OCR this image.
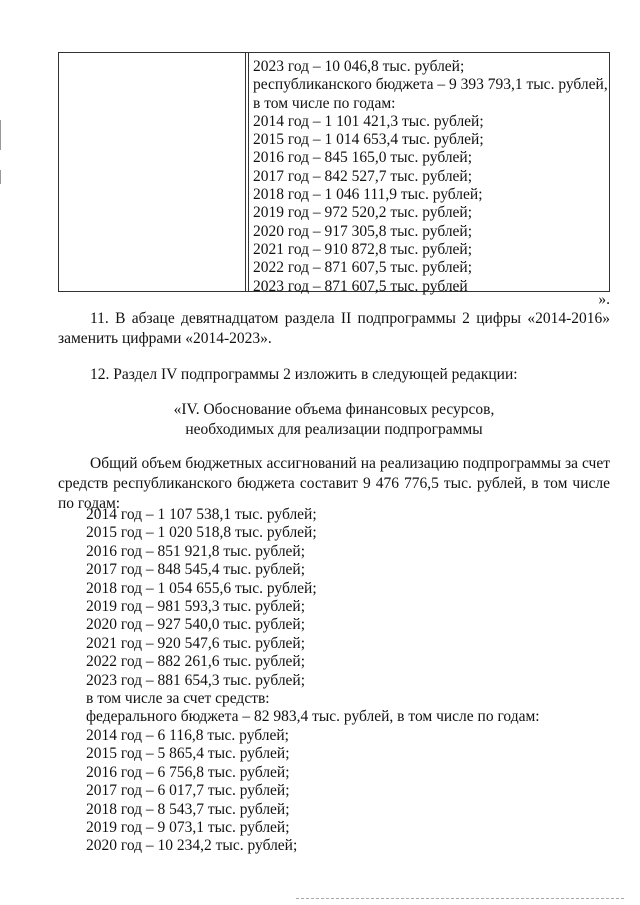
2023 год – 10 046,8 тыс. рублей;
республиканского бюджета – 9 393 793,1 тыс. рублей,
в том числе по годам:
2014 год – 1 101 421,3 тыс. рублей;
2015 год – 1 014 653,4 тыс. рублей;
2016 год – 845 165,0 тыс. рублей;
2017 год – 842 527,7 тыс. рублей;
2018 год – 1 046 111,9 тыс. рублей;
2019 год – 972 520,2 тыс. рублей;
2020 год – 917 305,8 тыс. рублей;
2021 год – 910 872,8 тыс. рублей;
2022 год – 871 607,5 тыс. рублей;
2023 год – 871 607,5 тыс. рублей
».
11. В абзаце девятнадцатом раздела II подпрограммы 2 цифры «2014-2016» заменить цифрами «2014-2023».
12. Раздел IV подпрограммы 2 изложить в следующей редакции:
«IV. Обоснование объема финансовых ресурсов,
необходимых для реализации подпрограммы
Общий объем бюджетных ассигнований на реализацию подпрограммы за счет средств республиканского бюджета составит 9 476 776,5 тыс. рублей, в том числе по годам:
2014 год – 1 107 538,1 тыс. рублей;
2015 год – 1 020 518,8 тыс. рублей;
2016 год – 851 921,8 тыс. рублей;
2017 год – 848 545,4 тыс. рублей;
2018 год – 1 054 655,6 тыс. рублей;
2019 год – 981 593,3 тыс. рублей;
2020 год – 927 540,0 тыс. рублей;
2021 год – 920 547,6 тыс. рублей;
2022 год – 882 261,6 тыс. рублей;
2023 год – 881 654,3 тыс. рублей;
в том числе за счет средств:
федерального бюджета – 82 983,4 тыс. рублей, в том числе по годам:
2014 год – 6 116,8 тыс. рублей;
2015 год – 5 865,4 тыс. рублей;
2016 год – 6 756,8 тыс. рублей;
2017 год – 6 017,7 тыс. рублей;
2018 год – 8 543,7 тыс. рублей;
2019 год – 9 073,1 тыс. рублей;
2020 год – 10 234,2 тыс. рублей;
